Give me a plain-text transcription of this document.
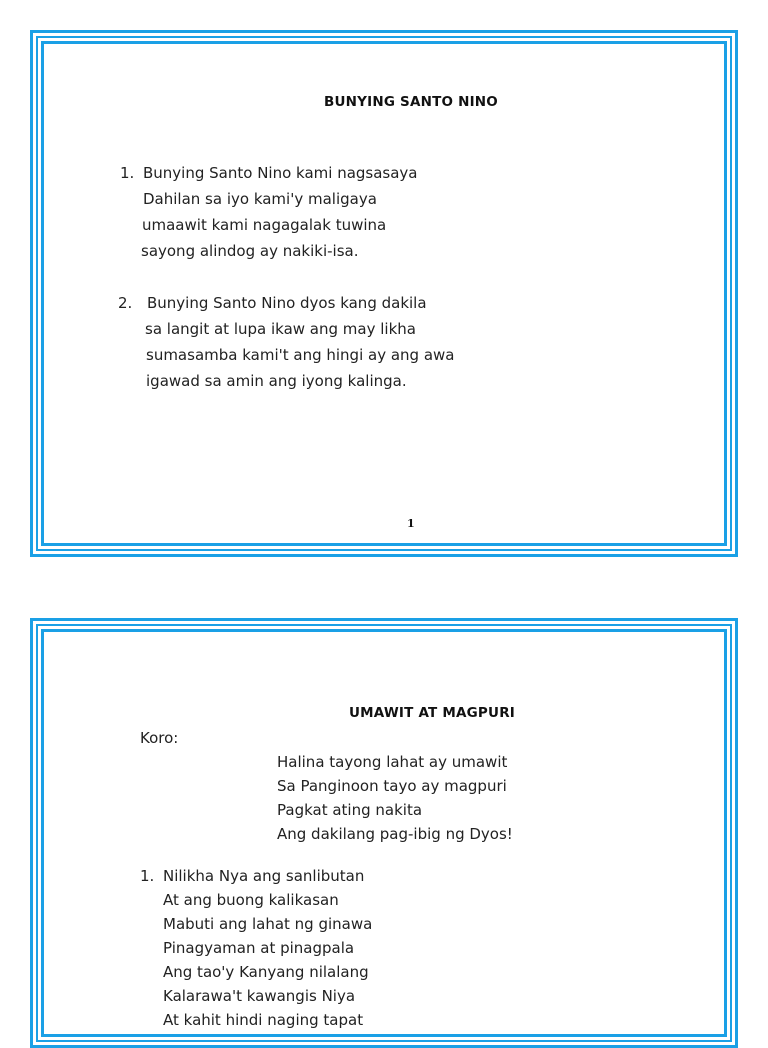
BUNYING SANTO NINO
1. Bunying Santo Nino kami nagsasaya
Dahilan sa iyo kami'y maligaya
umaawit kami nagagalak tuwina
sayong alindog ay nakiki-isa.
2. Bunying Santo Nino dyos kang dakila
sa langit at lupa ikaw ang may likha
sumasamba kami't ang hingi ay ang awa
igawad sa amin ang iyong kalinga.
1
UMAWIT AT MAGPURI
Koro:
Halina tayong lahat ay umawit
Sa Panginoon tayo ay magpuri
Pagkat ating nakita
Ang dakilang pag-ibig ng Dyos!
1. Nilikha Nya ang sanlibutan
At ang buong kalikasan
Mabuti ang lahat ng ginawa
Pinagyaman at pinagpala
Ang tao'y Kanyang nilalang
Kalarawa't kawangis Niya
At kahit hindi naging tapat
